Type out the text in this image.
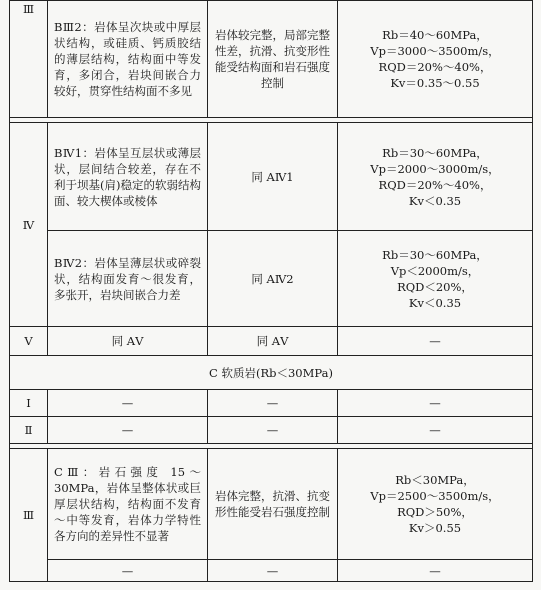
Ⅲ	BⅢ2：岩体呈次块或中厚层状结构，或硅质、钙质胶结的薄层结构，结构面中等发育，多闭合，岩块间嵌合力较好，贯穿性结构面不多见	岩体较完整，局部完整性差，抗滑、抗变形性能受结构面和岩石强度控制	Rb＝40～60MPa，
Vp＝3000～3500m/s，
RQD＝20%～40%，
Kv＝0.35～0.55

Ⅳ	BⅣ1：岩体呈互层状或薄层状，层间结合较差，存在不利于坝基(肩)稳定的软弱结构面、较大楔体或棱体	同 AⅣ1	Rb＝30～60MPa，
Vp＝2000～3000m/s，
RQD＝20%～40%，
Kv＜0.35

	BⅣ2：岩体呈薄层状或碎裂状，结构面发育～很发育，多张开，岩块间嵌合力差	同 AⅣ2	Rb＝30～60MPa，
Vp＜2000m/s，
RQD＜20%，
Kv＜0.35

Ⅴ	同 AⅤ	同 AⅤ	—
C 软质岩(Rb＜30MPa)			
Ⅰ	—	—	—
Ⅱ	—	—	—

Ⅲ	CⅢ：岩石强度 15～30MPa，岩体呈整体状或巨厚层状结构，结构面不发育～中等发育，岩体力学特性各方向的差异性不显著	岩体完整，抗滑、抗变形性能受岩石强度控制	Rb＜30MPa，
Vp＝2500～3500m/s，
RQD＞50%，
Kv＞0.55

	—	—	—
